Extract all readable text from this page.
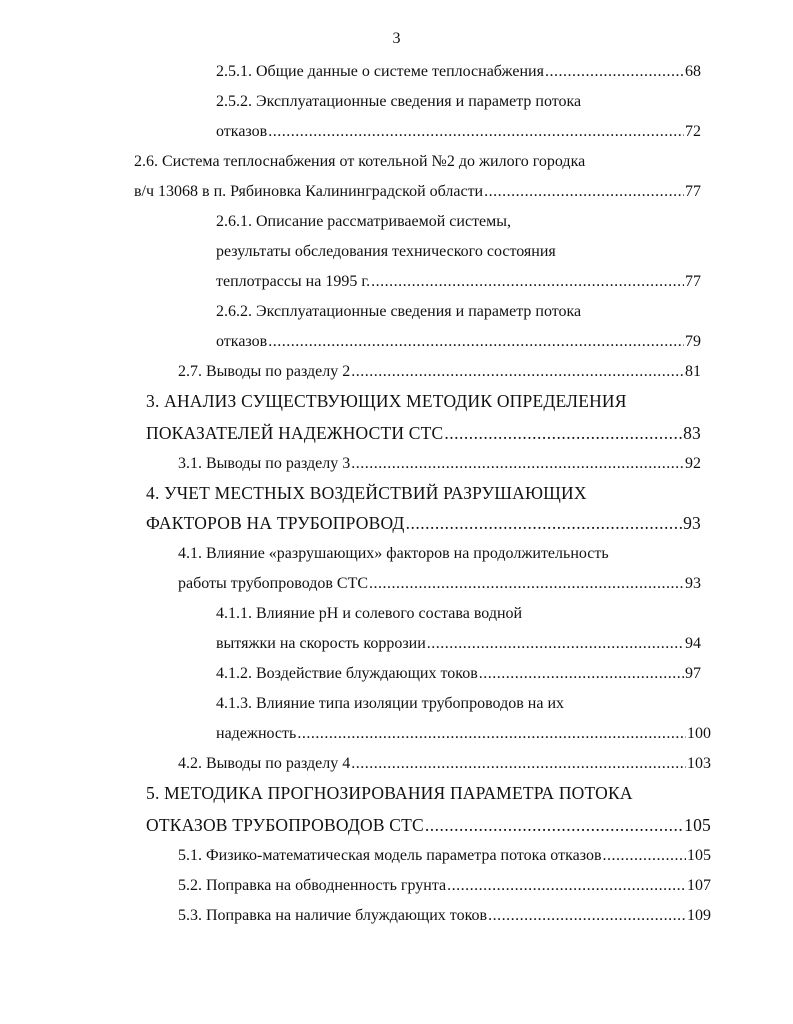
3
2.5.1. Общие данные о системе теплоснабжения .....	68
2.5.2. Эксплуатационные сведения и параметр потока
отказов .....	72
2.6. Система теплоснабжения от котельной №2 до жилого городка
в/ч 13068 в п. Рябиновка Калининградской области .....	77
2.6.1. Описание рассматриваемой системы,
результаты обследования технического состояния
теплотрассы на 1995 г. .....	77
2.6.2. Эксплуатационные сведения и параметр потока
отказов .....	79
2.7. Выводы по разделу 2 .....	81
3. АНАЛИЗ СУЩЕСТВУЮЩИХ МЕТОДИК ОПРЕДЕЛЕНИЯ
ПОКАЗАТЕЛЕЙ НАДЕЖНОСТИ СТС .....	83
3.1. Выводы по разделу 3 .....	92
4. УЧЕТ МЕСТНЫХ ВОЗДЕЙСТВИЙ РАЗРУШАЮЩИХ
ФАКТОРОВ НА ТРУБОПРОВОД .....	93
4.1. Влияние «разрушающих» факторов на продолжительность
работы трубопроводов СТС .....	93
4.1.1. Влияние pH и солевого состава водной
вытяжки на скорость коррозии .....	94
4.1.2. Воздействие блуждающих токов .....	97
4.1.3. Влияние типа изоляции трубопроводов на их
надежность .....	100
4.2. Выводы по разделу 4 .....	103
5. МЕТОДИКА ПРОГНОЗИРОВАНИЯ ПАРАМЕТРА ПОТОКА
ОТКАЗОВ ТРУБОПРОВОДОВ СТС .....	105
5.1. Физико-математическая модель параметра потока отказов .....	105
5.2. Поправка на обводненность грунта .....	107
5.3. Поправка на наличие блуждающих токов .....	109
